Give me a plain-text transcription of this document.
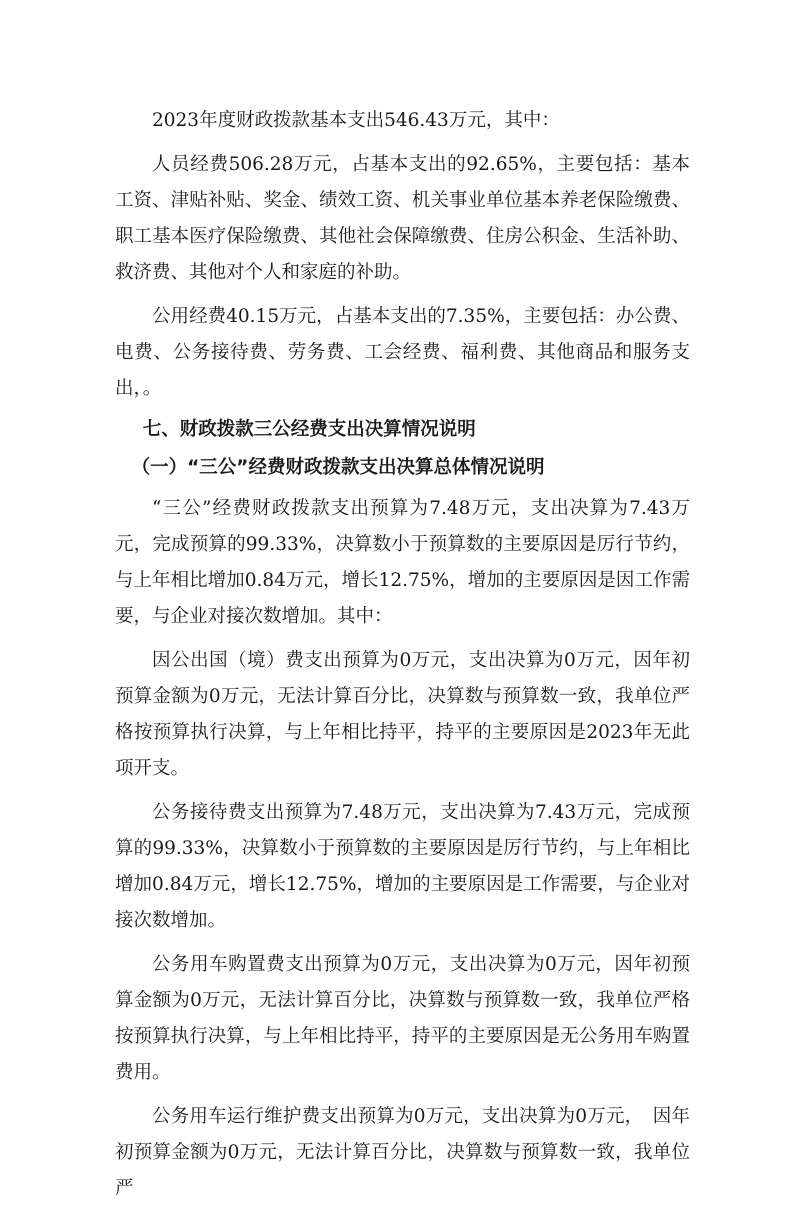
2023年度财政拨款基本支出546.43万元，其中：

人员经费506.28万元，占基本支出的92.65%，主要包括：基本工资、津贴补贴、奖金、绩效工资、机关事业单位基本养老保险缴费、职工基本医疗保险缴费、其他社会保障缴费、住房公积金、生活补助、救济费、其他对个人和家庭的补助。

公用经费40.15万元，占基本支出的7.35%，主要包括：办公费、电费、公务接待费、劳务费、工会经费、福利费、其他商品和服务支出，。

七、财政拨款三公经费支出决算情况说明
（一）“三公”经费财政拨款支出决算总体情况说明

“三公”经费财政拨款支出预算为7.48万元，支出决算为7.43万元，完成预算的99.33%，决算数小于预算数的主要原因是厉行节约，与上年相比增加0.84万元，增长12.75%，增加的主要原因是因工作需要，与企业对接次数增加。其中：

因公出国（境）费支出预算为0万元，支出决算为0万元，因年初预算金额为0万元，无法计算百分比，决算数与预算数一致，我单位严格按预算执行决算，与上年相比持平，持平的主要原因是2023年无此项开支。

公务接待费支出预算为7.48万元，支出决算为7.43万元，完成预算的99.33%，决算数小于预算数的主要原因是厉行节约，与上年相比增加0.84万元，增长12.75%，增加的主要原因是工作需要，与企业对接次数增加。

公务用车购置费支出预算为0万元，支出决算为0万元，因年初预算金额为0万元，无法计算百分比，决算数与预算数一致，我单位严格按预算执行决算，与上年相比持平，持平的主要原因是无公务用车购置费用。

公务用车运行维护费支出预算为0万元，支出决算为0万元，　因年初预算金额为0万元，无法计算百分比，决算数与预算数一致，我单位严
